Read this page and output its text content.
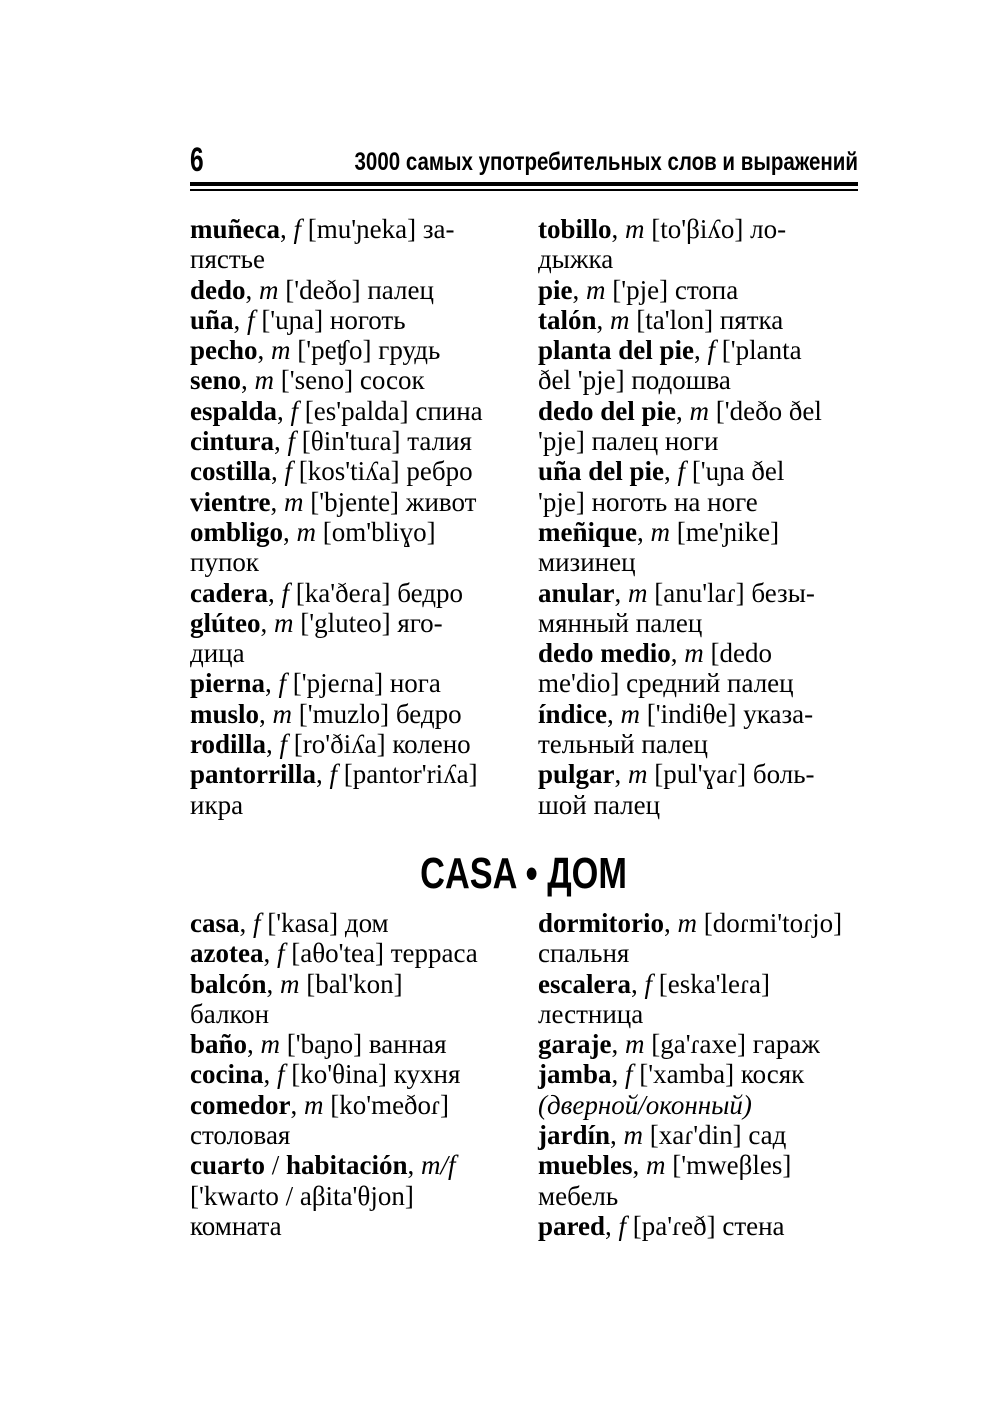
6	3000 самых употребительных слов и выражений
muñeca, f [mu'ɲeka] за-
пястье
dedo, m ['deðo] палец
uña, f ['uɲa] ноготь
pecho, m ['peʧo] грудь
seno, m ['seno] сосок
espalda, f [es'palda] спина
cintura, f [θin'tuɾa] талия
costilla, f [kos'tiʎa] ребро
vientre, m ['bjente] живот
ombligo, m [om'bliɣo]
пупок
cadera, f [ka'ðeɾa] бедро
glúteo, m ['gluteo] яго-
дица
pierna, f ['pjeɾna] нога
muslo, m ['muzlo] бедро
rodilla, f [ro'ðiʎa] колено
pantorrilla, f [pantor'riʎa]
икра
tobillo, m [to'βiʎo] ло-
дыжка
pie, m ['pje] стопа
talón, m [ta'lon] пятка
planta del pie, f ['planta
ðel 'pje] подошва
dedo del pie, m ['deðo ðel
'pje] палец ноги
uña del pie, f ['uɲa ðel
'pje] ноготь на ноге
meñique, m [me'ɲike]
мизинец
anular, m [anu'laɾ] безы-
мянный палец
dedo medio, m [dedo
me'dio] средний палец
índice, m ['indiθe] указа-
тельный палец
pulgar, m [pul'ɣaɾ] боль-
шой палец
CASA • ДОМ
casa, f ['kasa] дом
azotea, f [aθo'tea] терраса
balcón, m [bal'kon]
балкон
baño, m ['baɲo] ванная
cocina, f [ko'θina] кухня
comedor, m [ko'meðoɾ]
столовая
cuarto / habitación, m/f
['kwaɾto / aβita'θjon]
комната
dormitorio, m [doɾmi'toɾjo]
спальня
escalera, f [eska'leɾa]
лестница
garaje, m [ga'ɾaxe] гараж
jamba, f ['xamba] косяк
(дверной/оконный)
jardín, m [xaɾ'din] сад
muebles, m ['mweβles]
мебель
pared, f [pa'ɾeð] стена
